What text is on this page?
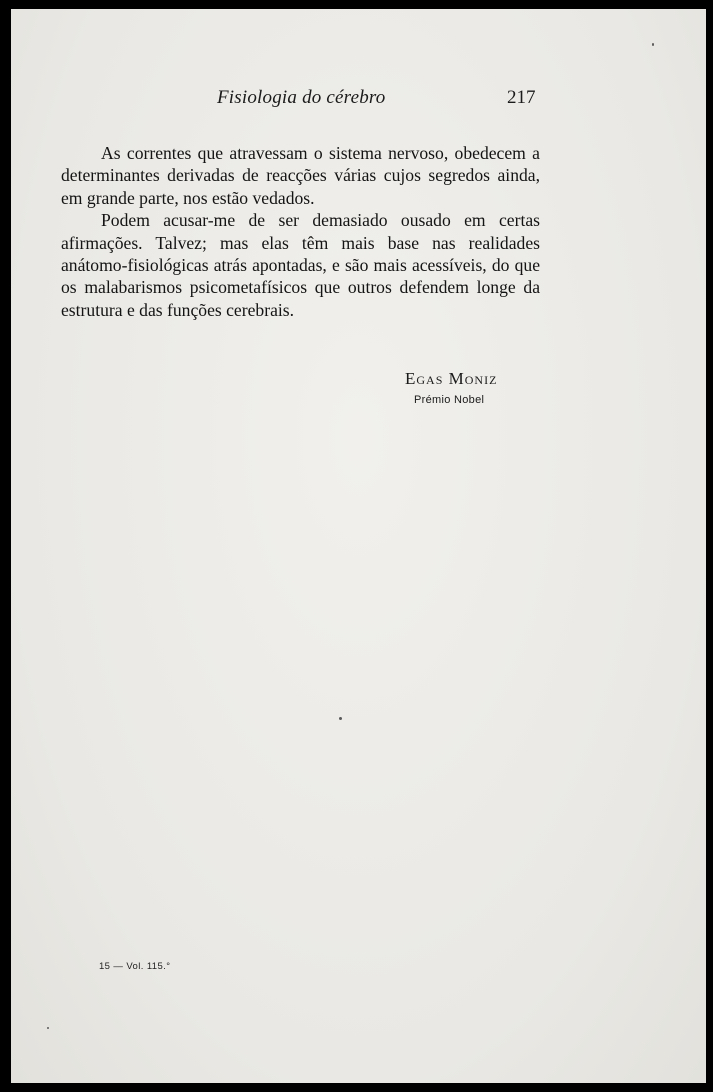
Fisiologia do cérebro	217

As correntes que atravessam o sistema nervoso, obedecem a determinantes derivadas de reacções várias cujos segredos ainda, em grande parte, nos estão vedados.

Podem acusar-me de ser demasiado ousado em certas afirmações. Talvez; mas elas têm mais base nas realidades anátomo-fisiológicas atrás apontadas, e são mais acessíveis, do que os malabarismos psicometafísicos que outros defendem longe da estrutura e das funções cerebrais.

Egas Moniz
Prémio Nobel
15 — Vol. 115.°
